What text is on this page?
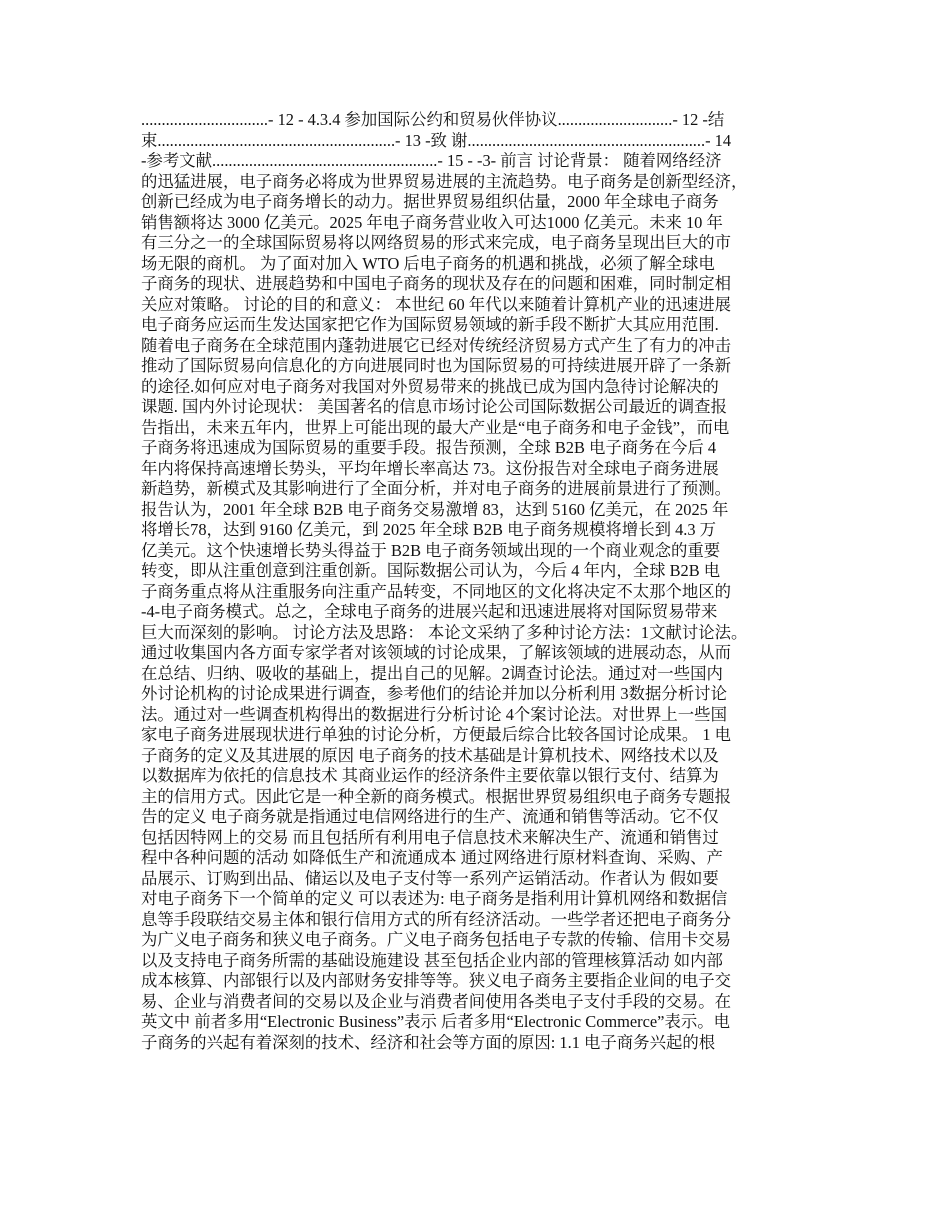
...............................- 12 - 4.3.4 参加国际公约和贸易伙伴协议............................- 12 -结
束..........................................................- 13 -致 谢..........................................................- 14
-参考文献.......................................................- 15 - -3- 前言 讨论背景： 随着网络经济
的迅猛进展，电子商务必将成为世界贸易进展的主流趋势。电子商务是创新型经济，
创新已经成为电子商务增长的动力。据世界贸易组织估量，2000 年全球电子商务
销售额将达 3000 亿美元。2025 年电子商务营业收入可达1000 亿美元。未来 10 年
有三分之一的全球国际贸易将以网络贸易的形式来完成，电子商务呈现出巨大的市
场无限的商机。 为了面对加入 WTO 后电子商务的机遇和挑战，必须了解全球电
子商务的现状、进展趋势和中国电子商务的现状及存在的问题和困难，同时制定相
关应对策略。 讨论的目的和意义： 本世纪 60 年代以来随着计算机产业的迅速进展
电子商务应运而生发达国家把它作为国际贸易领域的新手段不断扩大其应用范围.
随着电子商务在全球范围内蓬勃进展它已经对传统经济贸易方式产生了有力的冲击
推动了国际贸易向信息化的方向进展同时也为国际贸易的可持续进展开辟了一条新
的途径.如何应对电子商务对我国对外贸易带来的挑战已成为国内急待讨论解决的
课题. 国内外讨论现状： 美国著名的信息市场讨论公司国际数据公司最近的调查报
告指出，未来五年内，世界上可能出现的最大产业是“电子商务和电子金钱”，而电
子商务将迅速成为国际贸易的重要手段。报告预测，全球 B2B 电子商务在今后 4
年内将保持高速增长势头，平均年增长率高达 73。这份报告对全球电子商务进展
新趋势，新模式及其影响进行了全面分析，并对电子商务的进展前景进行了预测。
报告认为，2001 年全球 B2B 电子商务交易激增 83，达到 5160 亿美元，在 2025 年
将增长78，达到 9160 亿美元，到 2025 年全球 B2B 电子商务规模将增长到 4.3 万
亿美元。这个快速增长势头得益于 B2B 电子商务领域出现的一个商业观念的重要
转变，即从注重创意到注重创新。国际数据公司认为，今后 4 年内，全球 B2B 电
子商务重点将从注重服务向注重产品转变，不同地区的文化将决定不太那个地区的
-4-电子商务模式。总之，全球电子商务的进展兴起和迅速进展将对国际贸易带来
巨大而深刻的影响。 讨论方法及思路： 本论文采纳了多种讨论方法：1文献讨论法。
通过收集国内各方面专家学者对该领域的讨论成果，了解该领域的进展动态，从而
在总结、归纳、吸收的基础上，提出自己的见解。2调查讨论法。通过对一些国内
外讨论机构的讨论成果进行调查，参考他们的结论并加以分析利用 3数据分析讨论
法。通过对一些调查机构得出的数据进行分析讨论 4个案讨论法。对世界上一些国
家电子商务进展现状进行单独的讨论分析，方便最后综合比较各国讨论成果。 1 电
子商务的定义及其进展的原因 电子商务的技术基础是计算机技术、网络技术以及
以数据库为依托的信息技术 其商业运作的经济条件主要依靠以银行支付、结算为
主的信用方式。因此它是一种全新的商务模式。根据世界贸易组织电子商务专题报
告的定义 电子商务就是指通过电信网络进行的生产、流通和销售等活动。它不仅
包括因特网上的交易 而且包括所有利用电子信息技术来解决生产、流通和销售过
程中各种问题的活动 如降低生产和流通成本 通过网络进行原材料查询、采购、产
品展示、订购到出品、储运以及电子支付等一系列产运销活动。作者认为 假如要
对电子商务下一个简单的定义 可以表述为: 电子商务是指利用计算机网络和数据信
息等手段联结交易主体和银行信用方式的所有经济活动。一些学者还把电子商务分
为广义电子商务和狭义电子商务。广义电子商务包括电子专款的传输、信用卡交易
以及支持电子商务所需的基础设施建设 甚至包括企业内部的管理核算活动 如内部
成本核算、内部银行以及内部财务安排等等。狭义电子商务主要指企业间的电子交
易、企业与消费者间的交易以及企业与消费者间使用各类电子支付手段的交易。在
英文中 前者多用“Electronic Business”表示 后者多用“Electronic Commerce”表示。电
子商务的兴起有着深刻的技术、经济和社会等方面的原因: 1.1 电子商务兴起的根
